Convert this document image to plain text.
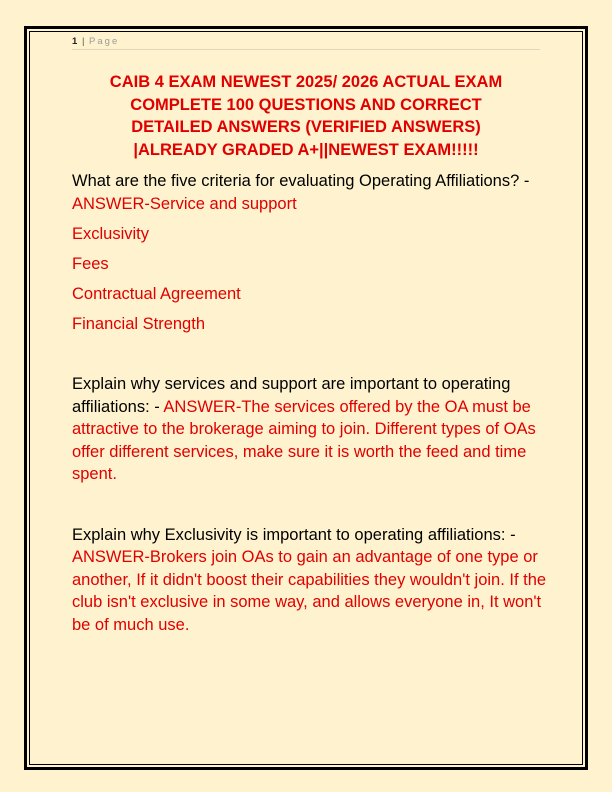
1 | Page
CAIB 4 EXAM NEWEST 2025/ 2026 ACTUAL EXAM
COMPLETE 100 QUESTIONS AND CORRECT
DETAILED ANSWERS (VERIFIED ANSWERS)
|ALREADY GRADED A+||NEWEST EXAM!!!!!

What are the five criteria for evaluating Operating Affiliations? - ANSWER-Service and support

Exclusivity

Fees

Contractual Agreement

Financial Strength

Explain why services and support are important to operating affiliations: - ANSWER-The services offered by the OA must be attractive to the brokerage aiming to join. Different types of OAs offer different services, make sure it is worth the feed and time spent.

Explain why Exclusivity is important to operating affiliations: - ANSWER-Brokers join OAs to gain an advantage of one type or another, If it didn't boost their capabilities they wouldn't join. If the club isn't exclusive in some way, and allows everyone in, It won't be of much use.
